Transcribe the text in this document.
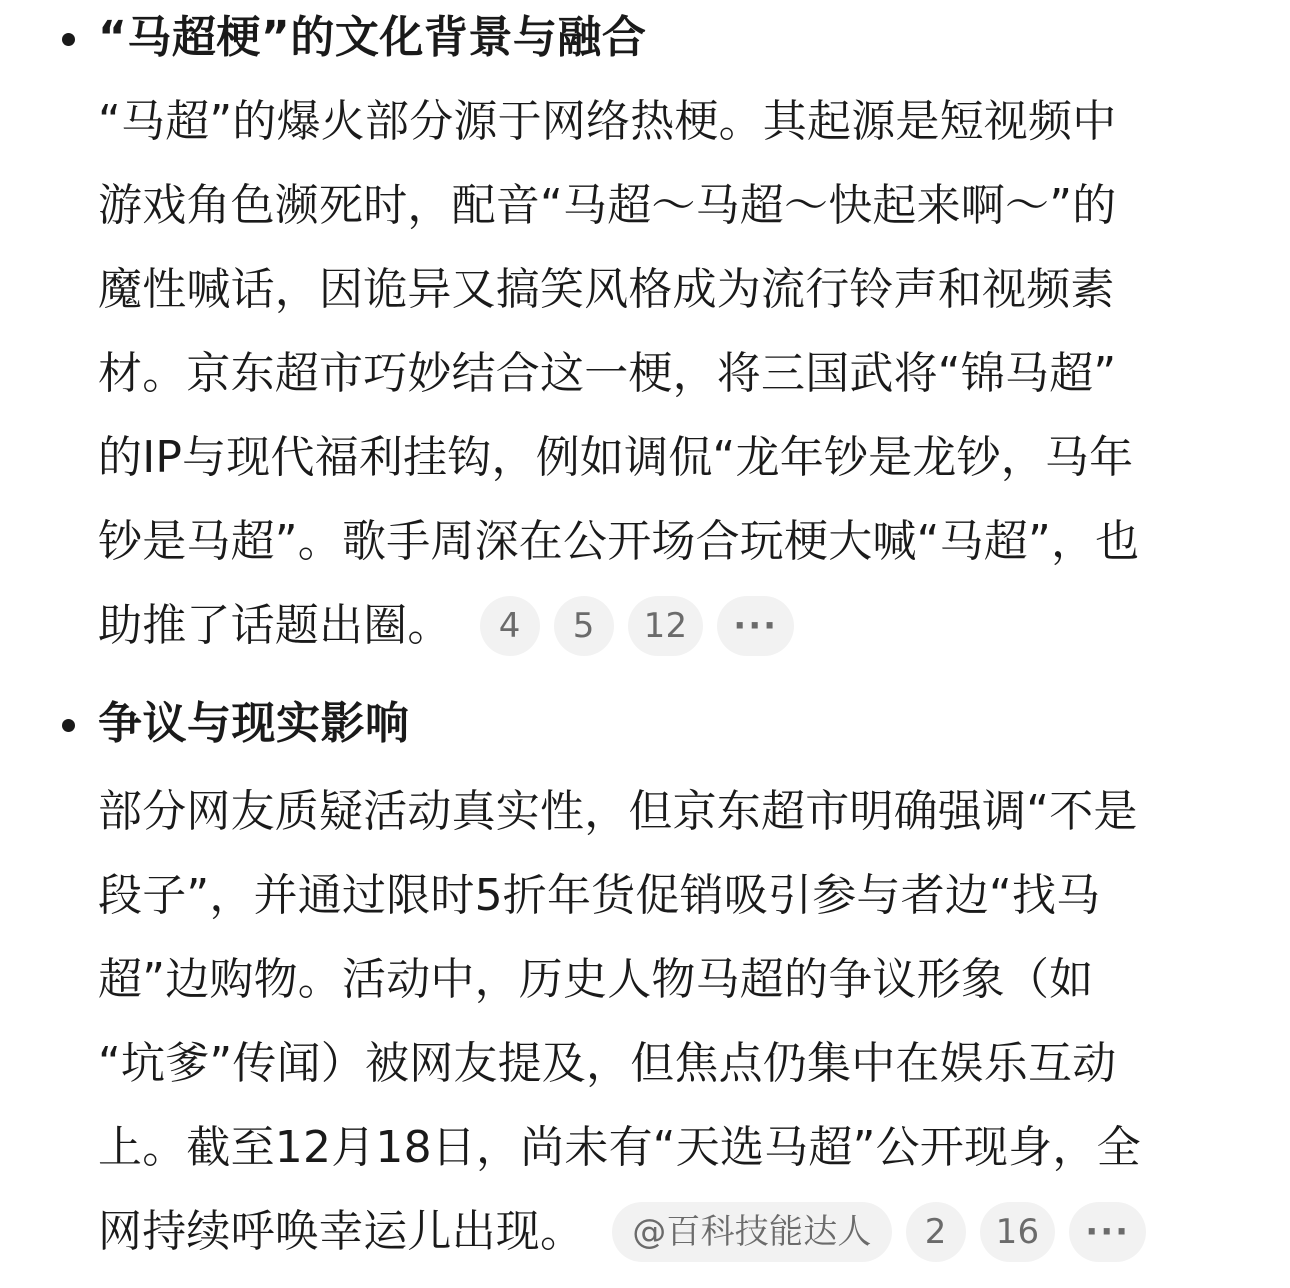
“马超梗”的文化背景与融合
“马超”的爆火部分源于网络热梗。其起源是短视频中
游戏角色濒死时，配音“马超～马超～快起来啊～”的
魔性喊话，因诡异又搞笑风格成为流行铃声和视频素
材。京东超市巧妙结合这一梗，将三国武将“锦马超”
的IP与现代福利挂钩，例如调侃“龙年钞是龙钞，马年
钞是马超”。歌手周深在公开场合玩梗大喊“马超”，也
助推了话题出圈。 4 5 12 ···
争议与现实影响
部分网友质疑活动真实性，但京东超市明确强调“不是
段子”，并通过限时5折年货促销吸引参与者边“找马
超”边购物。活动中，历史人物马超的争议形象（如
“坑爹”传闻）被网友提及，但焦点仍集中在娱乐互动
上。截至12月18日，尚未有“天选马超”公开现身，全
网持续呼唤幸运儿出现。 @百科技能达人 2 16 ···
